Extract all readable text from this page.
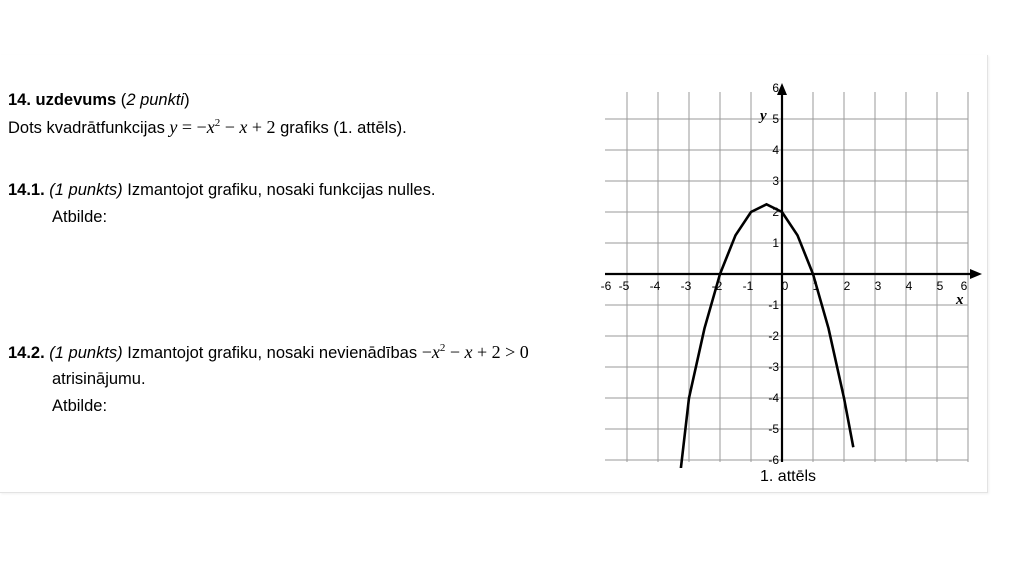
14. uzdevums (2 punkti)
Dots kvadrātfunkcijas $y = -x^2 - x + 2$ grafiks (1. attēls).
14.1. (1 punkts) Izmantojot grafiku, nosaki funkcijas nulles.
Atbilde:
14.2. (1 punkts) Izmantojot grafiku, nosaki nevienādības $-x^2 - x + 2 > 0$
atrisinājumu.
Atbilde:
-6 -5 -4 -3 -2 -1 0 1 2 3 4 5 6
6
5
4
3
2
1
-1
-2
-3
-4
-5
-6
x
y
1. attēls
